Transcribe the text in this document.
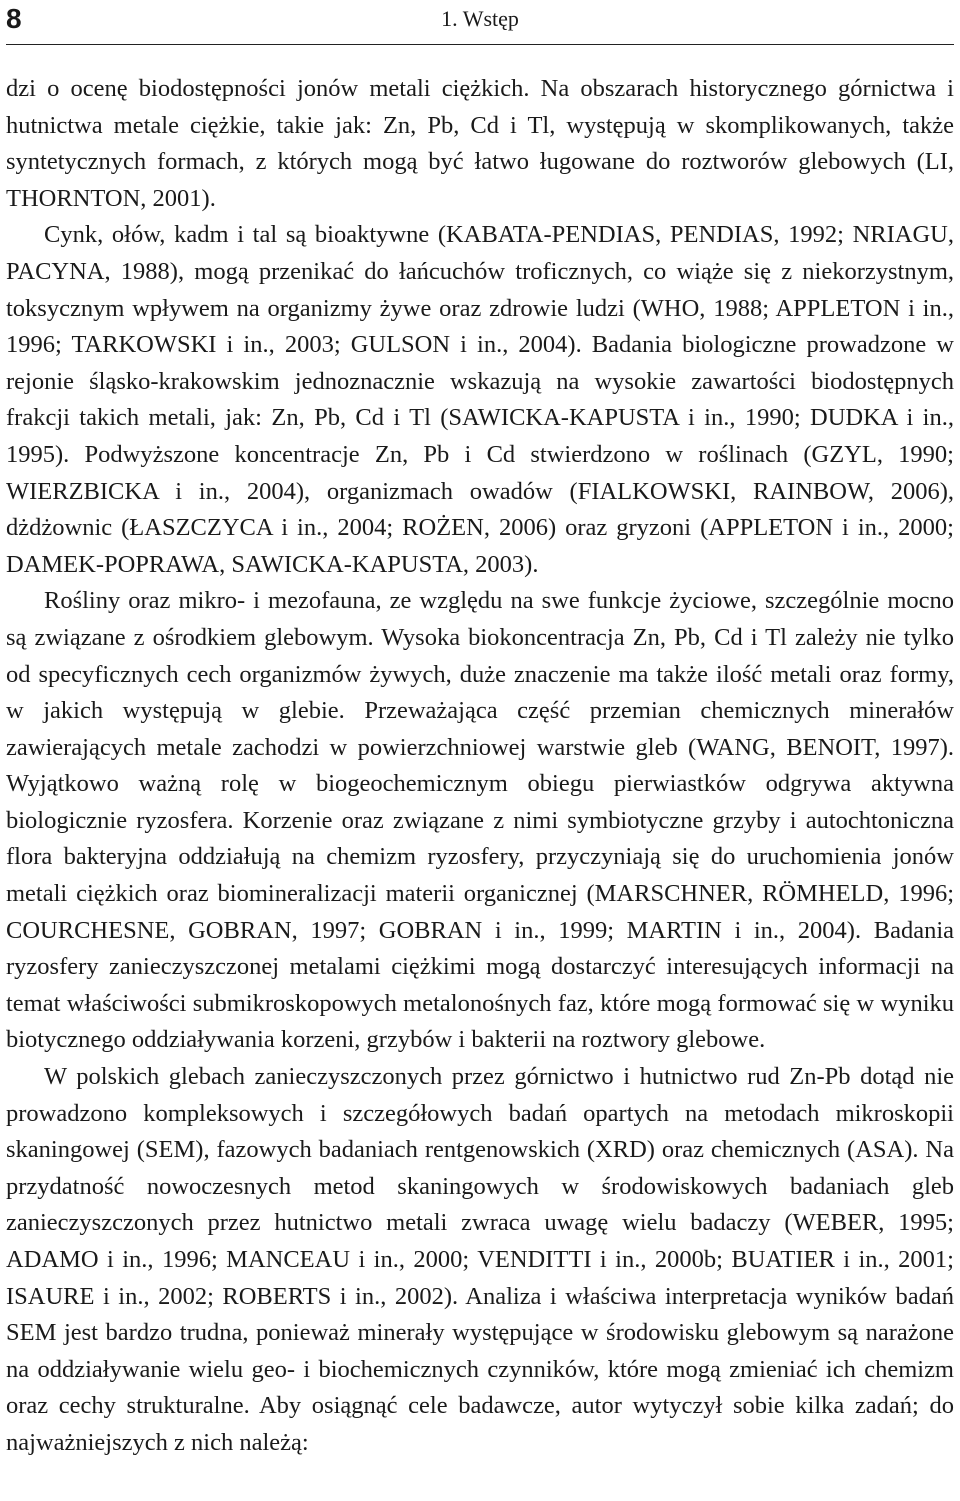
8	1. Wstęp

dzi o ocenę biodostępności jonów metali ciężkich. Na obszarach historycznego górnictwa i hutnictwa metale ciężkie, takie jak: Zn, Pb, Cd i Tl, występują w skomplikowanych, także syntetycznych formach, z których mogą być łatwo ługowane do roztworów glebowych (LI, THORNTON, 2001).

Cynk, ołów, kadm i tal są bioaktywne (KABATA-PENDIAS, PENDIAS, 1992; NRIAGU, PACYNA, 1988), mogą przenikać do łańcuchów troficznych, co wiąże się z niekorzystnym, toksycznym wpływem na organizmy żywe oraz zdrowie ludzi (WHO, 1988; APPLETON i in., 1996; TARKOWSKI i in., 2003; GULSON i in., 2004). Badania biologiczne prowadzone w rejonie śląsko-krakowskim jednoznacznie wskazują na wysokie zawartości biodostępnych frakcji takich metali, jak: Zn, Pb, Cd i Tl (SAWICKA-KAPUSTA i in., 1990; DUDKA i in., 1995). Podwyższone koncentracje Zn, Pb i Cd stwierdzono w roślinach (GZYL, 1990; WIERZBICKA i in., 2004), organizmach owadów (FIALKOWSKI, RAINBOW, 2006), dżdżownic (ŁASZCZYCA i in., 2004; ROŻEN, 2006) oraz gryzoni (APPLETON i in., 2000; DAMEK-POPRAWA, SAWICKA-KAPUSTA, 2003).

Rośliny oraz mikro- i mezofauna, ze względu na swe funkcje życiowe, szczególnie mocno są związane z ośrodkiem glebowym. Wysoka biokoncentracja Zn, Pb, Cd i Tl zależy nie tylko od specyficznych cech organizmów żywych, duże znaczenie ma także ilość metali oraz formy, w jakich występują w glebie. Przeważająca część przemian chemicznych minerałów zawierających metale zachodzi w powierzchniowej warstwie gleb (WANG, BENOIT, 1997). Wyjątkowo ważną rolę w biogeochemicznym obiegu pierwiastków odgrywa aktywna biologicznie ryzosfera. Korzenie oraz związane z nimi symbiotyczne grzyby i autochtoniczna flora bakteryjna oddziałują na chemizm ryzosfery, przyczyniają się do uruchomienia jonów metali ciężkich oraz biomineralizacji materii organicznej (MARSCHNER, RÖMHELD, 1996; COURCHESNE, GOBRAN, 1997; GOBRAN i in., 1999; MARTIN i in., 2004). Badania ryzosfery zanieczyszczonej metalami ciężkimi mogą dostarczyć interesujących informacji na temat właściwości submikroskopowych metalonośnych faz, które mogą formować się w wyniku biotycznego oddziaływania korzeni, grzybów i bakterii na roztwory glebowe.

W polskich glebach zanieczyszczonych przez górnictwo i hutnictwo rud Zn-Pb dotąd nie prowadzono kompleksowych i szczegółowych badań opartych na metodach mikroskopii skaningowej (SEM), fazowych badaniach rentgenowskich (XRD) oraz chemicznych (ASA). Na przydatność nowoczesnych metod skaningowych w środowiskowych badaniach gleb zanieczyszczonych przez hutnictwo metali zwraca uwagę wielu badaczy (WEBER, 1995; ADAMO i in., 1996; MANCEAU i in., 2000; VENDITTI i in., 2000b; BUATIER i in., 2001; ISAURE i in., 2002; ROBERTS i in., 2002). Analiza i właściwa interpretacja wyników badań SEM jest bardzo trudna, ponieważ minerały występujące w środowisku glebowym są narażone na oddziaływanie wielu geo- i biochemicznych czynników, które mogą zmieniać ich chemizm oraz cechy strukturalne. Aby osiągnąć cele badawcze, autor wytyczył sobie kilka zadań; do najważniejszych z nich należą:
